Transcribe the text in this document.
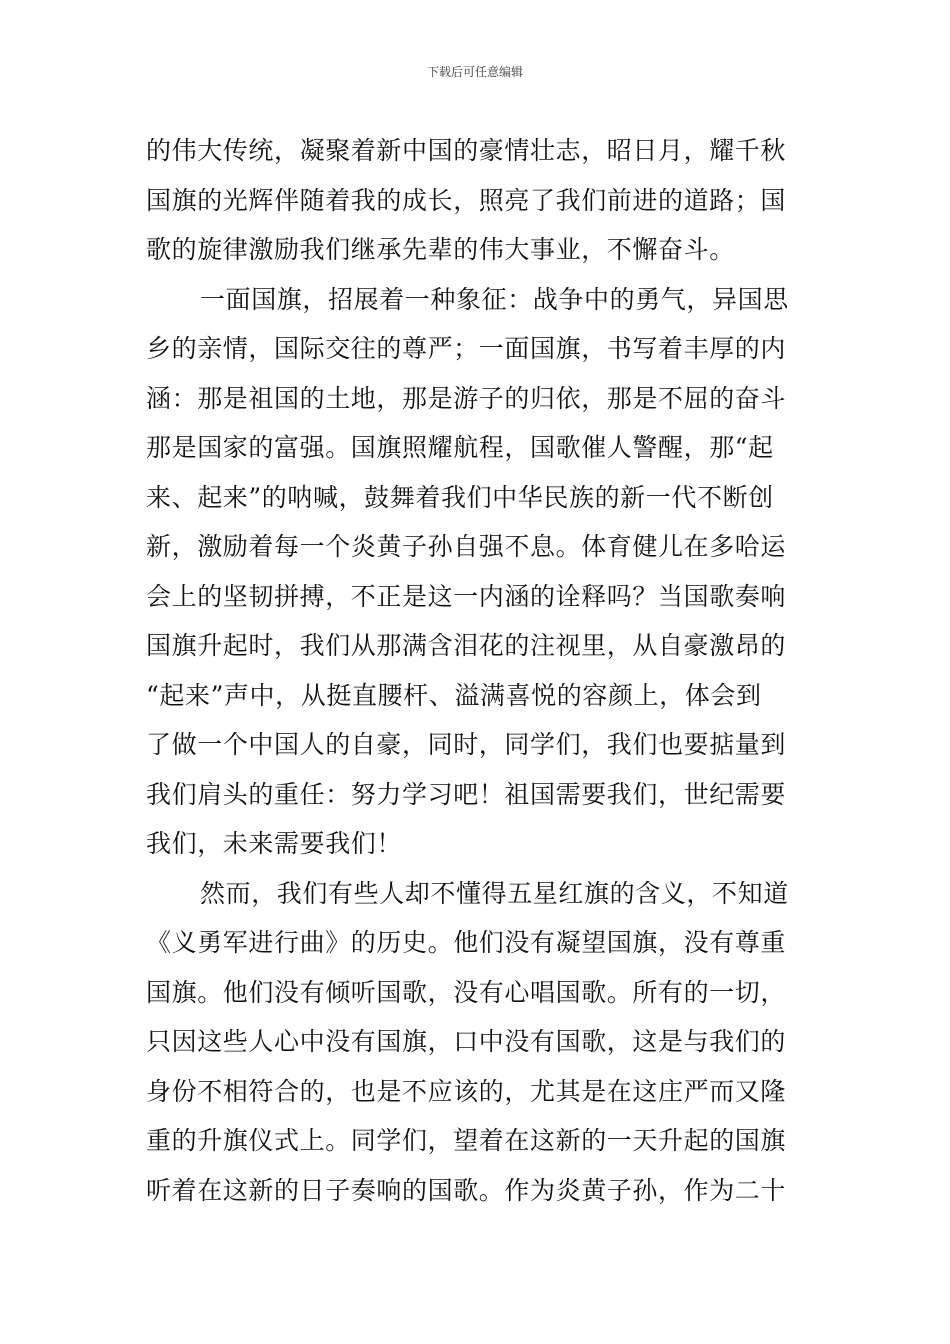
下载后可任意编辑
的伟大传统，凝聚着新中国的豪情壮志，昭日月，耀千秋
国旗的光辉伴随着我的成长，照亮了我们前进的道路；国
歌的旋律激励我们继承先辈的伟大事业，不懈奋斗。
一面国旗，招展着一种象征：战争中的勇气，异国思
乡的亲情，国际交往的尊严；一面国旗，书写着丰厚的内
涵：那是祖国的土地，那是游子的归依，那是不屈的奋斗
那是国家的富强。国旗照耀航程，国歌催人警醒，那“起
来、起来”的呐喊，鼓舞着我们中华民族的新一代不断创
新，激励着每一个炎黄子孙自强不息。体育健儿在多哈运
会上的坚韧拼搏，不正是这一内涵的诠释吗？当国歌奏响
国旗升起时，我们从那满含泪花的注视里，从自豪激昂的
“起来”声中，从挺直腰杆、溢满喜悦的容颜上，体会到
了做一个中国人的自豪，同时，同学们，我们也要掂量到
我们肩头的重任：努力学习吧！祖国需要我们，世纪需要
我们，未来需要我们！
然而，我们有些人却不懂得五星红旗的含义，不知道
《义勇军进行曲》的历史。他们没有凝望国旗，没有尊重
国旗。他们没有倾听国歌，没有心唱国歌。所有的一切，
只因这些人心中没有国旗，口中没有国歌，这是与我们的
身份不相符合的，也是不应该的，尤其是在这庄严而又隆
重的升旗仪式上。同学们，望着在这新的一天升起的国旗
听着在这新的日子奏响的国歌。作为炎黄子孙，作为二十
